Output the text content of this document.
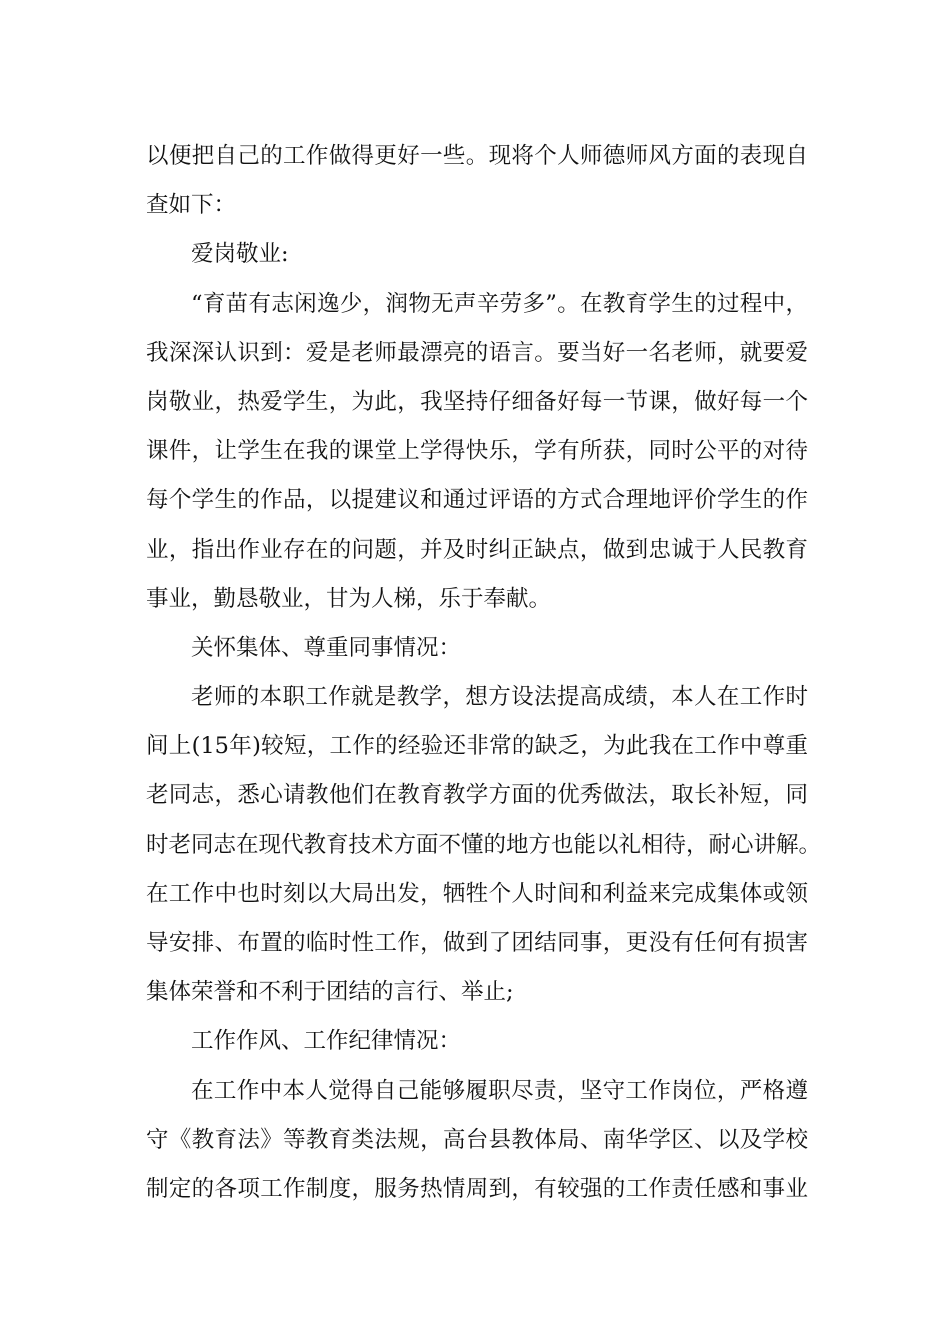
以便把自己的工作做得更好一些。现将个人师德师风方面的表现自
查如下：
爱岗敬业:
“育苗有志闲逸少，润物无声辛劳多”。在教育学生的过程中，
我深深认识到：爱是老师最漂亮的语言。要当好一名老师，就要爱
岗敬业，热爱学生，为此，我坚持仔细备好每一节课，做好每一个
课件，让学生在我的课堂上学得快乐，学有所获，同时公平的对待
每个学生的作品，以提建议和通过评语的方式合理地评价学生的作
业，指出作业存在的问题，并及时纠正缺点，做到忠诚于人民教育
事业，勤恳敬业，甘为人梯，乐于奉献。
关怀集体、尊重同事情况：
老师的本职工作就是教学，想方设法提高成绩，本人在工作时
间上(15年)较短，工作的经验还非常的缺乏，为此我在工作中尊重
老同志，悉心请教他们在教育教学方面的优秀做法，取长补短，同
时老同志在现代教育技术方面不懂的地方也能以礼相待，耐心讲解。
在工作中也时刻以大局出发，牺牲个人时间和利益来完成集体或领
导安排、布置的临时性工作，做到了团结同事，更没有任何有损害
集体荣誉和不利于团结的言行、举止;
工作作风、工作纪律情况：
在工作中本人觉得自己能够履职尽责，坚守工作岗位，严格遵
守《教育法》等教育类法规，高台县教体局、南华学区、以及学校
制定的各项工作制度，服务热情周到，有较强的工作责任感和事业
